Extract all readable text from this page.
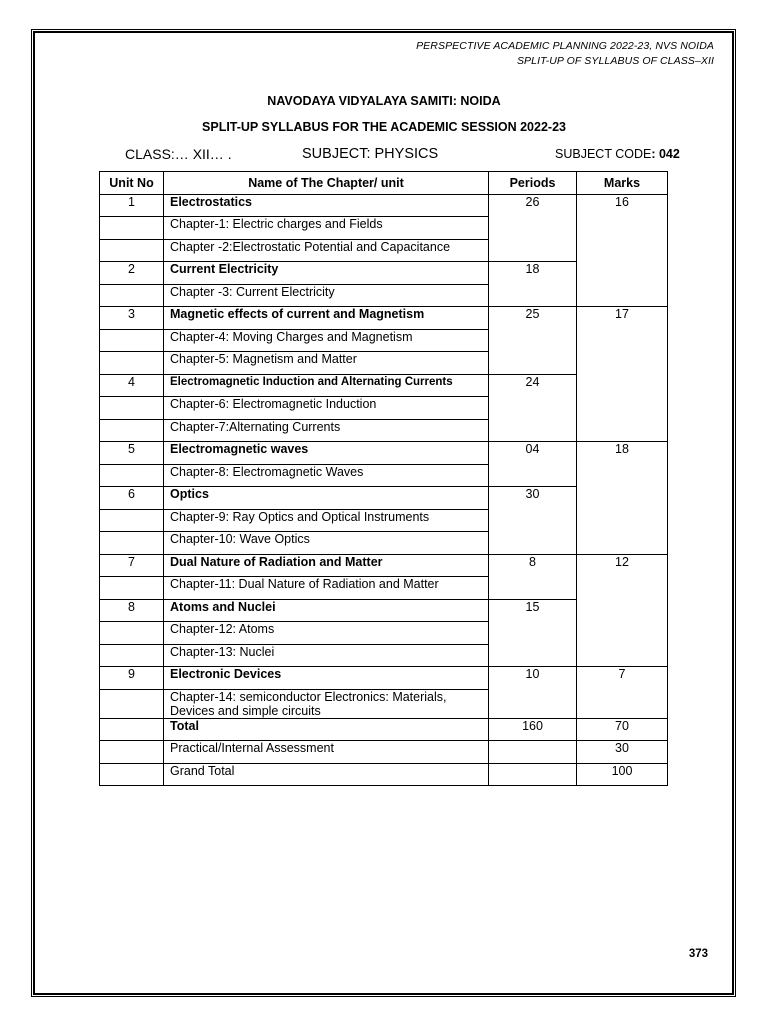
PERSPECTIVE ACADEMIC PLANNING 2022-23, NVS NOIDA
SPLIT-UP OF SYLLABUS OF CLASS–XII
NAVODAYA VIDYALAYA SAMITI: NOIDA
SPLIT-UP SYLLABUS FOR THE ACADEMIC SESSION 2022-23
CLASS:… XII… .	SUBJECT: PHYSICS	SUBJECT CODE: 042
Unit No	Name of The Chapter/ unit	Periods	Marks
1	Electrostatics	26	16
	Chapter-1: Electric charges and Fields		
	Chapter -2:Electrostatic Potential and Capacitance		
2	Current Electricity	18	
	Chapter -3: Current Electricity		
3	Magnetic effects of current and Magnetism	25	17
	Chapter-4: Moving Charges and Magnetism		
	Chapter-5: Magnetism and Matter		
4	Electromagnetic Induction and Alternating Currents	24	
	Chapter-6: Electromagnetic Induction		
	Chapter-7:Alternating Currents		
5	Electromagnetic waves	04	18
	Chapter-8: Electromagnetic Waves		
6	Optics	30	
	Chapter-9: Ray Optics and Optical Instruments		
	Chapter-10: Wave Optics		
7	Dual Nature of Radiation and Matter	8	12
	Chapter-11: Dual Nature of Radiation and Matter		
8	Atoms and Nuclei	15	
	Chapter-12: Atoms		
	Chapter-13: Nuclei		
9	Electronic Devices	10	7
	Chapter-14: semiconductor Electronics: Materials, Devices and simple circuits		
	Total	160	70
	Practical/Internal Assessment		30
	Grand Total		100
373
